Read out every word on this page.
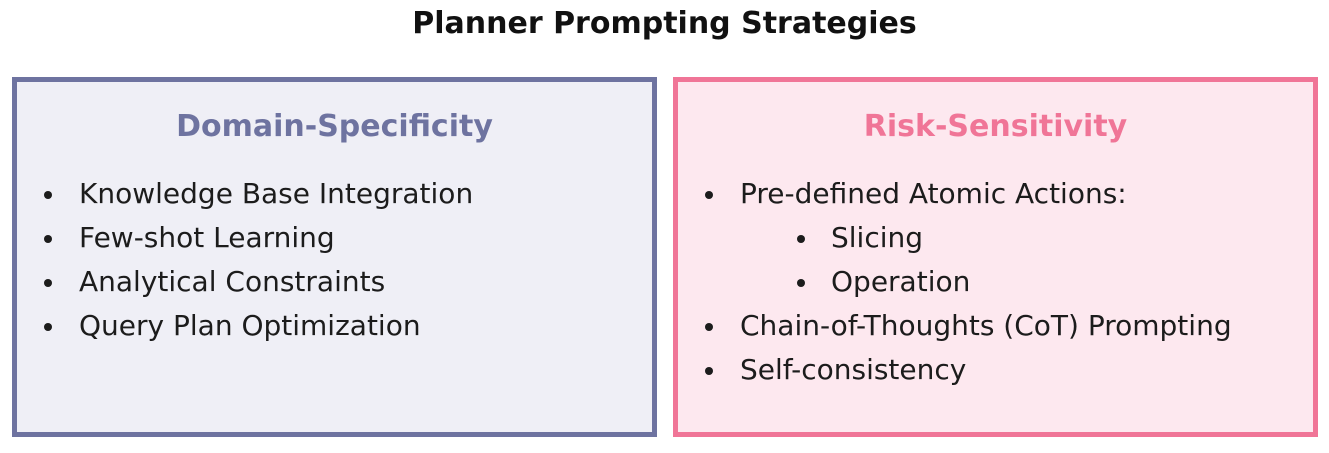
Planner Prompting Strategies
Domain-Specificity
Knowledge Base Integration
Few-shot Learning
Analytical Constraints
Query Plan Optimization
Risk-Sensitivity
Pre-defined Atomic Actions:
Slicing
Operation
Chain-of-Thoughts (CoT) Prompting
Self-consistency
